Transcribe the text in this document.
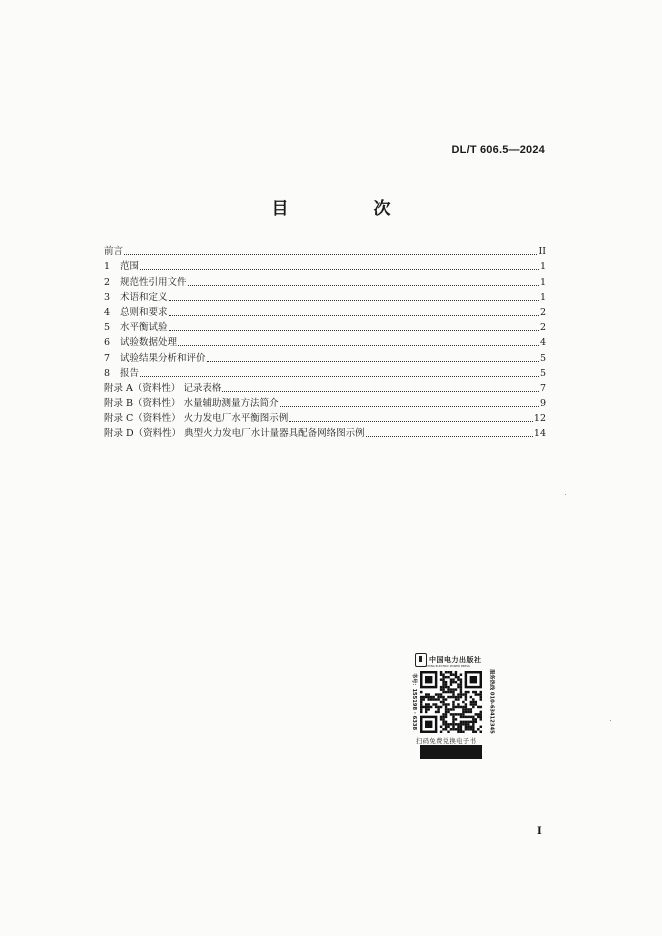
DL/T 606.5—2024
目　次
前言	II
1	范围	1
2	规范性引用文件	1
3	术语和定义	1
4	总则和要求	2
5	水平衡试验	2
6	试验数据处理	4
7	试验结果分析和评价	5
8	报告	5
附录 A（资料性） 记录表格	7
附录 B（资料性） 水量辅助测量方法简介	9
附录 C（资料性） 火力发电厂水平衡图示例	12
附录 D（资料性） 典型火力发电厂水计量器具配备网络图示例	14
中国电力出版社
CHINA ELECTRIC POWER PRESS
书号：155198 · 6338	服务热线 010-63412345
扫码免费兑换电子书
I
